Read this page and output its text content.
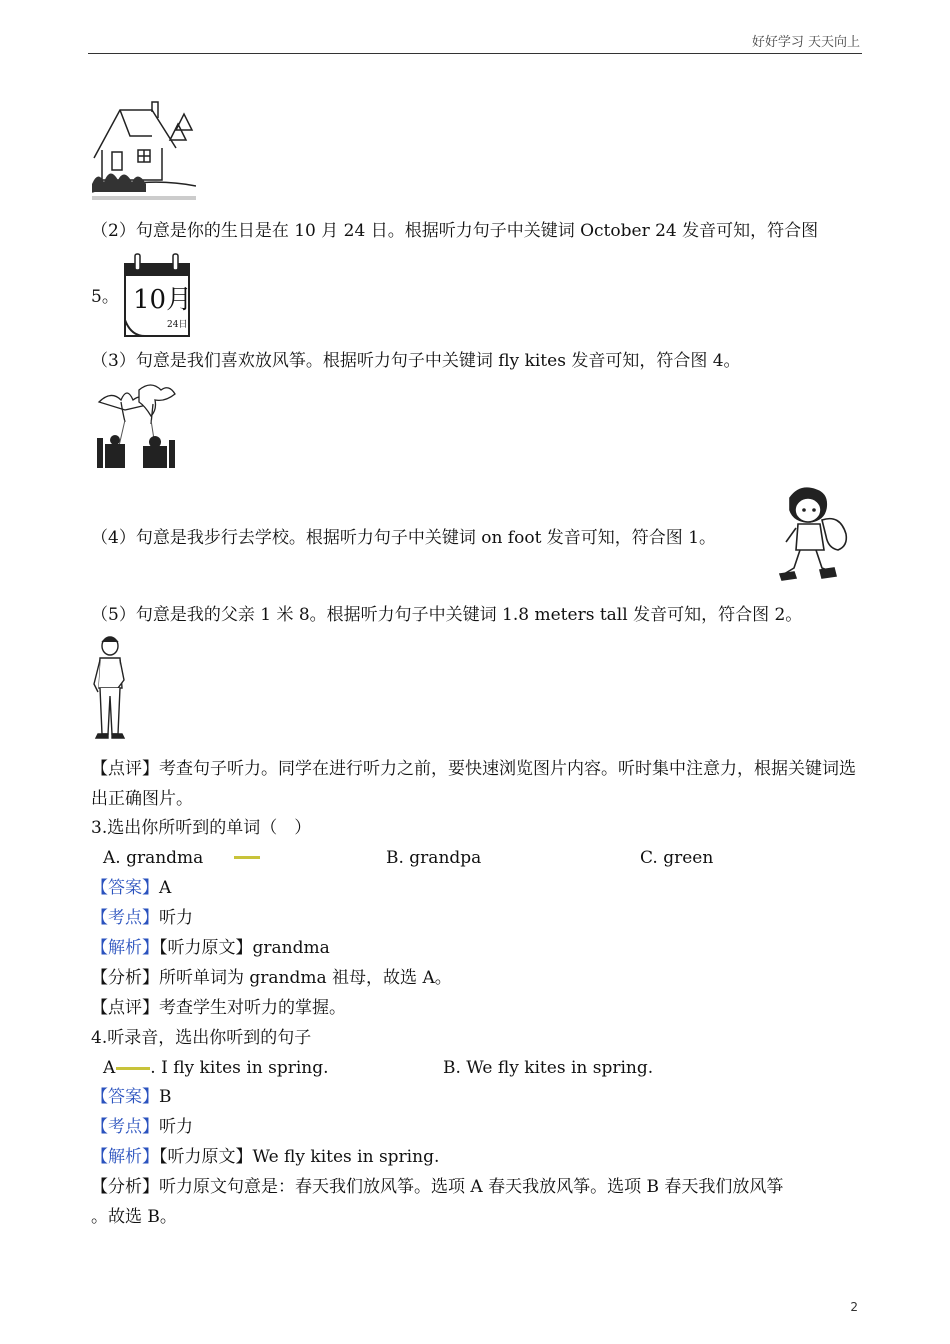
好好学习 天天向上
（2）句意是你的生日是在 10 月 24 日。根据听力句子中关键词 October 24 发音可知，符合图
5。 10月
24日
（3）句意是我们喜欢放风筝。根据听力句子中关键词 fly kites 发音可知，符合图 4。
（4）句意是我步行去学校。根据听力句子中关键词 on foot 发音可知，符合图 1。
（5）句意是我的父亲 1 米 8。根据听力句子中关键词 1.8 meters tall 发音可知，符合图 2。
【点评】考查句子听力。同学在进行听力之前，要快速浏览图片内容。听时集中注意力，根据关键词选出正确图片。
3.选出你所听到的单词（　）
A. grandma	B. grandpa	C. green
【答案】A
【考点】听力
【解析】【听力原文】grandma
【分析】所听单词为 grandma 祖母，故选 A。
【点评】考查学生对听力的掌握。
4.听录音，选出你听到的句子
A . I fly kites in spring.	B. We fly kites in spring.
【答案】B
【考点】听力
【解析】【听力原文】We fly kites in spring.
【分析】听力原文句意是：春天我们放风筝。选项 A 春天我放风筝。选项 B 春天我们放风筝
。故选 B。
2
